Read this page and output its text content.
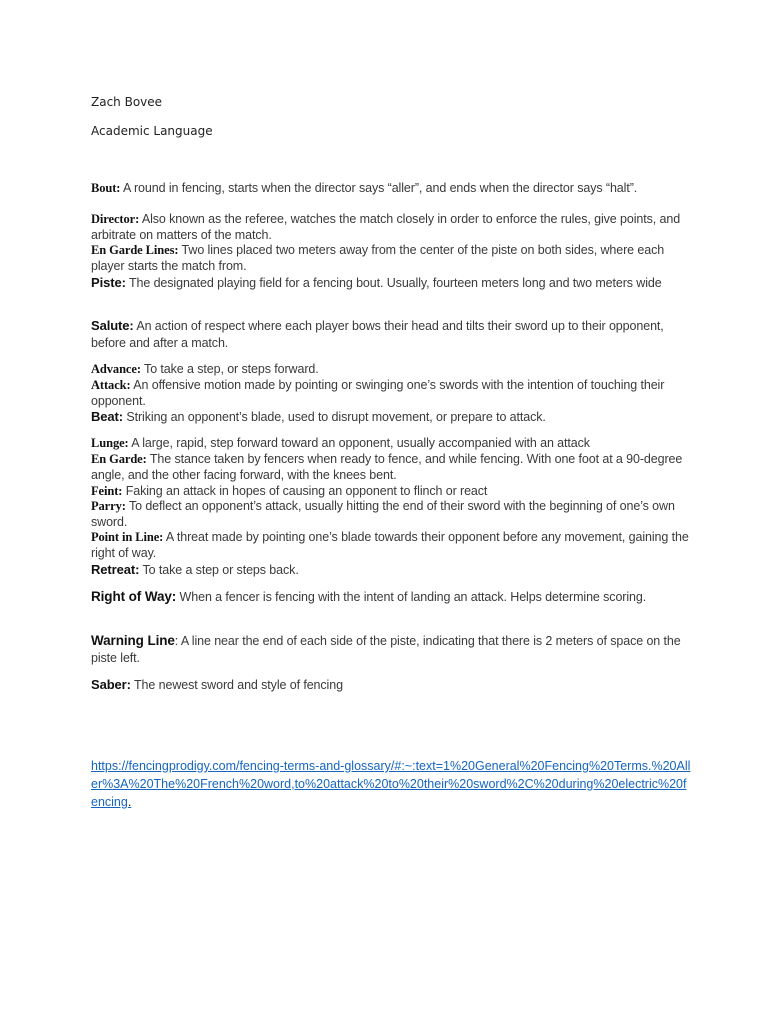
Zach Bovee
Academic Language
Bout: A round in fencing, starts when the director says “aller”, and ends when the director says “halt”.
Director: Also known as the referee, watches the match closely in order to enforce the rules, give points, and arbitrate on matters of the match.
En Garde Lines: Two lines placed two meters away from the center of the piste on both sides, where each player starts the match from.
Piste: The designated playing field for a fencing bout. Usually, fourteen meters long and two meters wide
Salute: An action of respect where each player bows their head and tilts their sword up to their opponent, before and after a match.
Advance: To take a step, or steps forward.
Attack: An offensive motion made by pointing or swinging one’s swords with the intention of touching their opponent.
Beat: Striking an opponent’s blade, used to disrupt movement, or prepare to attack.
Lunge: A large, rapid, step forward toward an opponent, usually accompanied with an attack
En Garde: The stance taken by fencers when ready to fence, and while fencing. With one foot at a 90-degree angle, and the other facing forward, with the knees bent.
Feint: Faking an attack in hopes of causing an opponent to flinch or react
Parry: To deflect an opponent’s attack, usually hitting the end of their sword with the beginning of one’s own sword.
Point in Line: A threat made by pointing one’s blade towards their opponent before any movement, gaining the right of way.
Retreat: To take a step or steps back.
Right of Way: When a fencer is fencing with the intent of landing an attack. Helps determine scoring.
Warning Line: A line near the end of each side of the piste, indicating that there is 2 meters of space on the piste left.
Saber: The newest sword and style of fencing
https://fencingprodigy.com/fencing-terms-and-glossary/#:~:text=1%20General%20Fencing%20Terms.%20Aller%3A%20The%20French%20word,to%20attack%20to%20their%20sword%2C%20during%20electric%20fencing.
